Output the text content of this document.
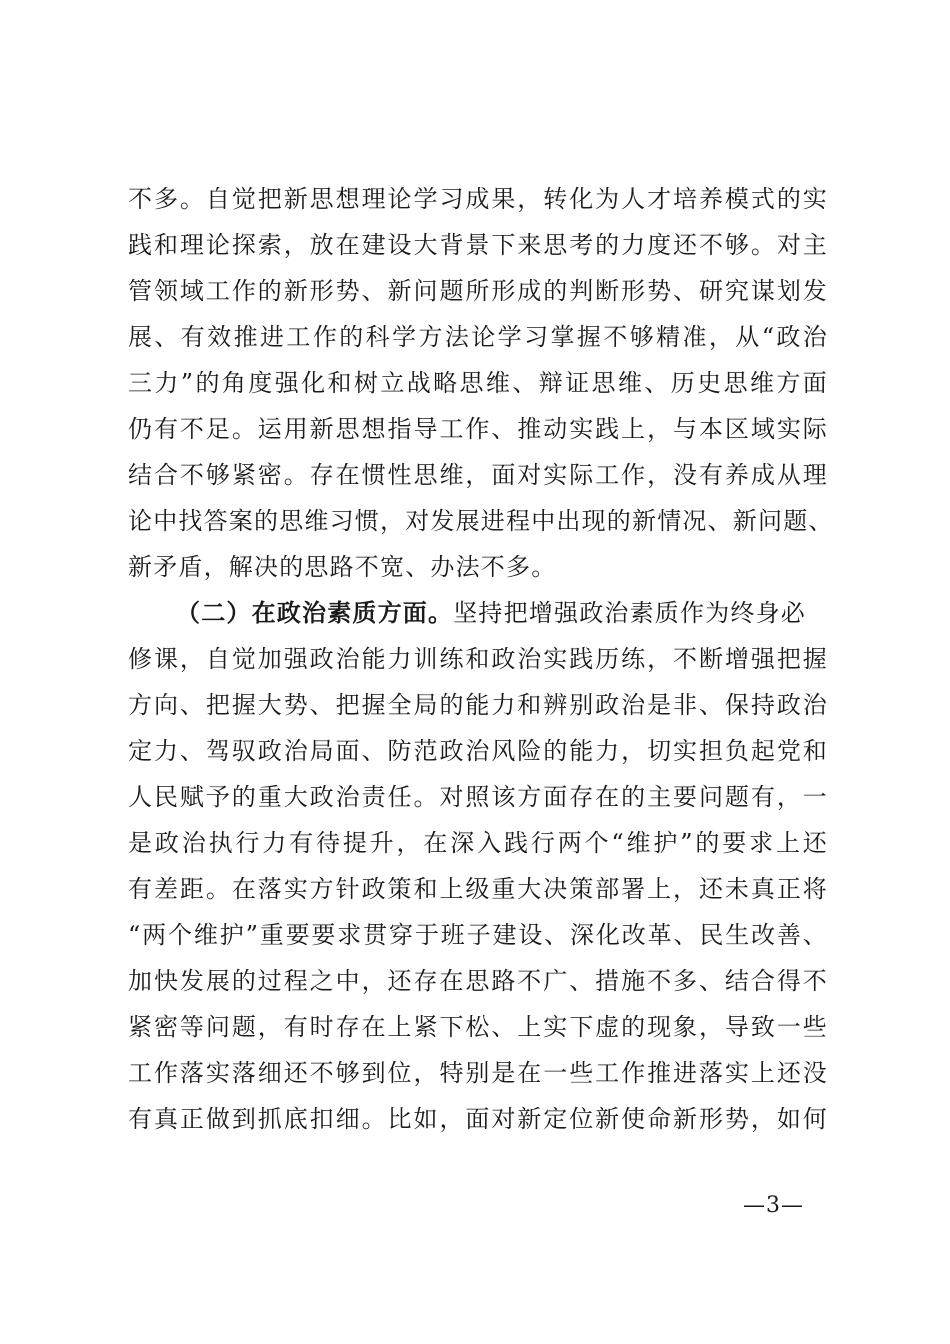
不多。自觉把新思想理论学习成果，转化为人才培养模式的实
践和理论探索，放在建设大背景下来思考的力度还不够。对主
管领域工作的新形势、新问题所形成的判断形势、研究谋划发
展、有效推进工作的科学方法论学习掌握不够精准，从“政治
三力”的角度强化和树立战略思维、辩证思维、历史思维方面
仍有不足。运用新思想指导工作、推动实践上，与本区域实际
结合不够紧密。存在惯性思维，面对实际工作，没有养成从理
论中找答案的思维习惯，对发展进程中出现的新情况、新问题、
新矛盾，解决的思路不宽、办法不多。
（二）在政治素质方面。坚持把增强政治素质作为终身必
修课，自觉加强政治能力训练和政治实践历练，不断增强把握
方向、把握大势、把握全局的能力和辨别政治是非、保持政治
定力、驾驭政治局面、防范政治风险的能力，切实担负起党和
人民赋予的重大政治责任。对照该方面存在的主要问题有，一
是政治执行力有待提升，在深入践行两个“维护”的要求上还
有差距。在落实方针政策和上级重大决策部署上，还未真正将
“两个维护”重要要求贯穿于班子建设、深化改革、民生改善、
加快发展的过程之中，还存在思路不广、措施不多、结合得不
紧密等问题，有时存在上紧下松、上实下虚的现象，导致一些
工作落实落细还不够到位，特别是在一些工作推进落实上还没
有真正做到抓底扣细。比如，面对新定位新使命新形势，如何
—3—
